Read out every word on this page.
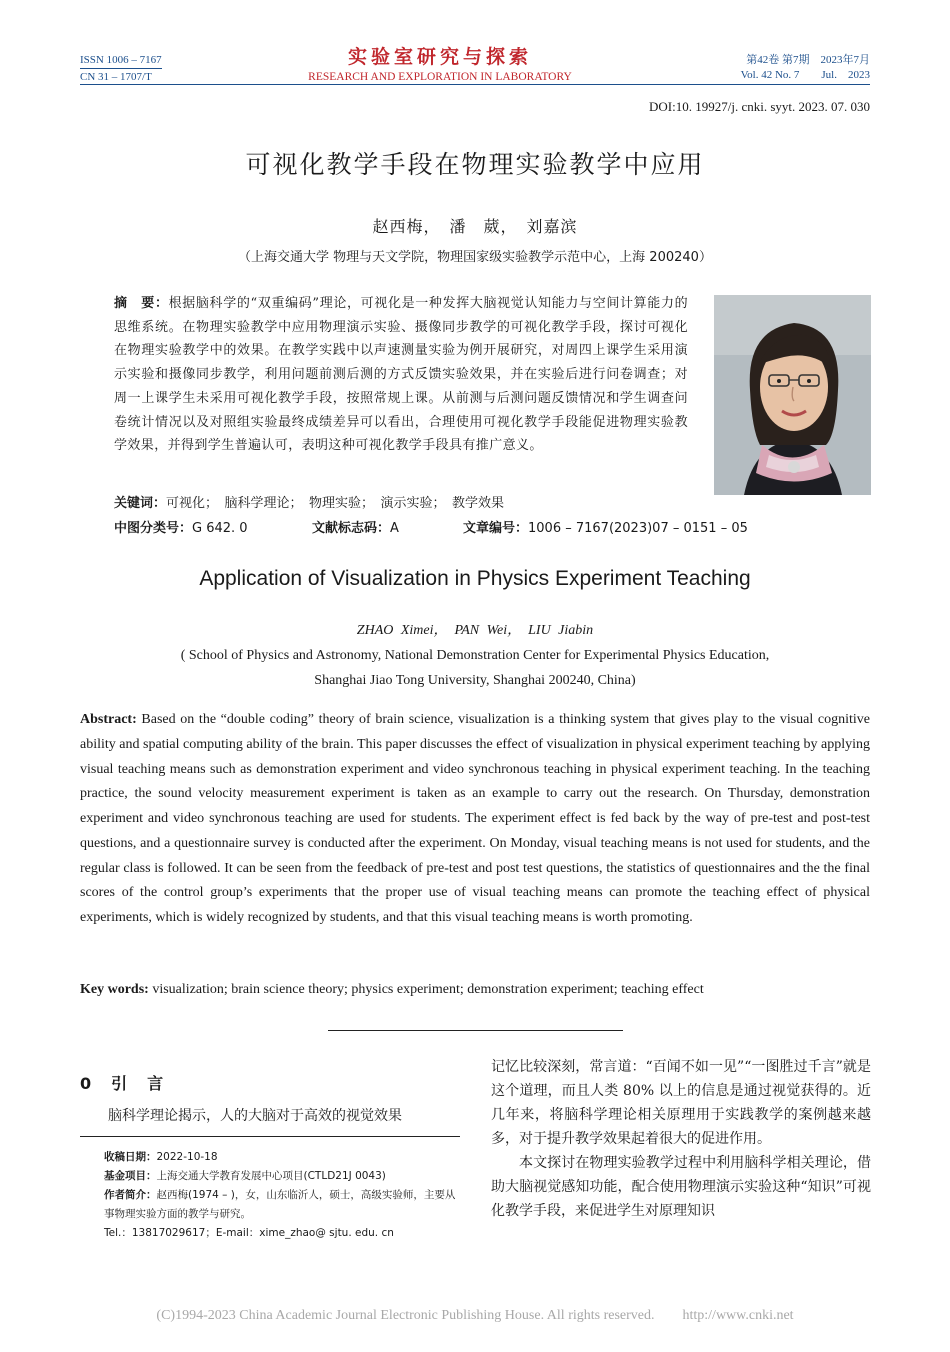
ISSN 1006 – 7167
CN 31 – 1707/T
实验室研究与探索
RESEARCH AND EXPLORATION IN LABORATORY
第42卷 第7期　2023年7月
Vol. 42 No. 7　　Jul.　2023
DOI:10. 19927/j. cnki. syyt. 2023. 07. 030
可视化教学手段在物理实验教学中应用
赵西梅，　潘　葳，　刘嘉滨
（上海交通大学 物理与天文学院，物理国家级实验教学示范中心，上海 200240）
摘　要：根据脑科学的“双重编码”理论，可视化是一种发挥大脑视觉认知能力与空间计算能力的思维系统。在物理实验教学中应用物理演示实验、摄像同步教学的可视化教学手段，探讨可视化在物理实验教学中的效果。在教学实践中以声速测量实验为例开展研究，对周四上课学生采用演示实验和摄像同步教学，利用问题前测后测的方式反馈实验效果，并在实验后进行问卷调查；对周一上课学生未采用可视化教学手段，按照常规上课。从前测与后测问题反馈情况和学生调查问卷统计情况以及对照组实验最终成绩差异可以看出，合理使用可视化教学手段能促进物理实验教学效果，并得到学生普遍认可，表明这种可视化教学手段具有推广意义。
关键词：可视化；　脑科学理论；　物理实验；　演示实验；　教学效果
中图分类号：G 642. 0	文献标志码：A	文章编号：1006 – 7167(2023)07 – 0151 – 05
Application of Visualization in Physics Experiment Teaching
ZHAO Ximei，　PAN Wei，　LIU Jiabin
( School of Physics and Astronomy, National Demonstration Center for Experimental Physics Education,
Shanghai Jiao Tong University, Shanghai 200240, China)
Abstract: Based on the “double coding” theory of brain science, visualization is a thinking system that gives play to the visual cognitive ability and spatial computing ability of the brain. This paper discusses the effect of visualization in physical experiment teaching by applying visual teaching means such as demonstration experiment and video synchronous teaching in physical experiment teaching. In the teaching practice, the sound velocity measurement experiment is taken as an example to carry out the research. On Thursday, demonstration experiment and video synchronous teaching are used for students. The experiment effect is fed back by the way of pre-test and post-test questions, and a questionnaire survey is conducted after the experiment. On Monday, visual teaching means is not used for students, and the regular class is followed. It can be seen from the feedback of pre-test and post test questions, the statistics of questionnaires and the the final scores of the control group’s experiments that the proper use of visual teaching means can promote the teaching effect of physical experiments, which is widely recognized by students, and that this visual teaching means is worth promoting.
Key words: visualization; brain science theory; physics experiment; demonstration experiment; teaching effect
0 引　言
脑科学理论揭示，人的大脑对于高效的视觉效果
收稿日期：2022-10-18
基金项目：上海交通大学教育发展中心项目(CTLD21J 0043)
作者简介：赵西梅(1974 – )，女，山东临沂人，硕士，高级实验师，主要从事物理实验方面的教学与研究。
Tel.：13817029617；E-mail：xime_zhao@ sjtu. edu. cn

记忆比较深刻，常言道：“百闻不如一见”“一图胜过千言”就是这个道理，而且人类 80% 以上的信息是通过视觉获得的。近几年来，将脑科学理论相关原理用于实践教学的案例越来越多，对于提升教学效果起着很大的促进作用。

本文探讨在物理实验教学过程中利用脑科学相关理论，借助大脑视觉感知功能，配合使用物理演示实验这种“知识”可视化教学手段，来促进学生对原理知识

(C)1994-2023 China Academic Journal Electronic Publishing House. All rights reserved.　　http://www.cnki.net
